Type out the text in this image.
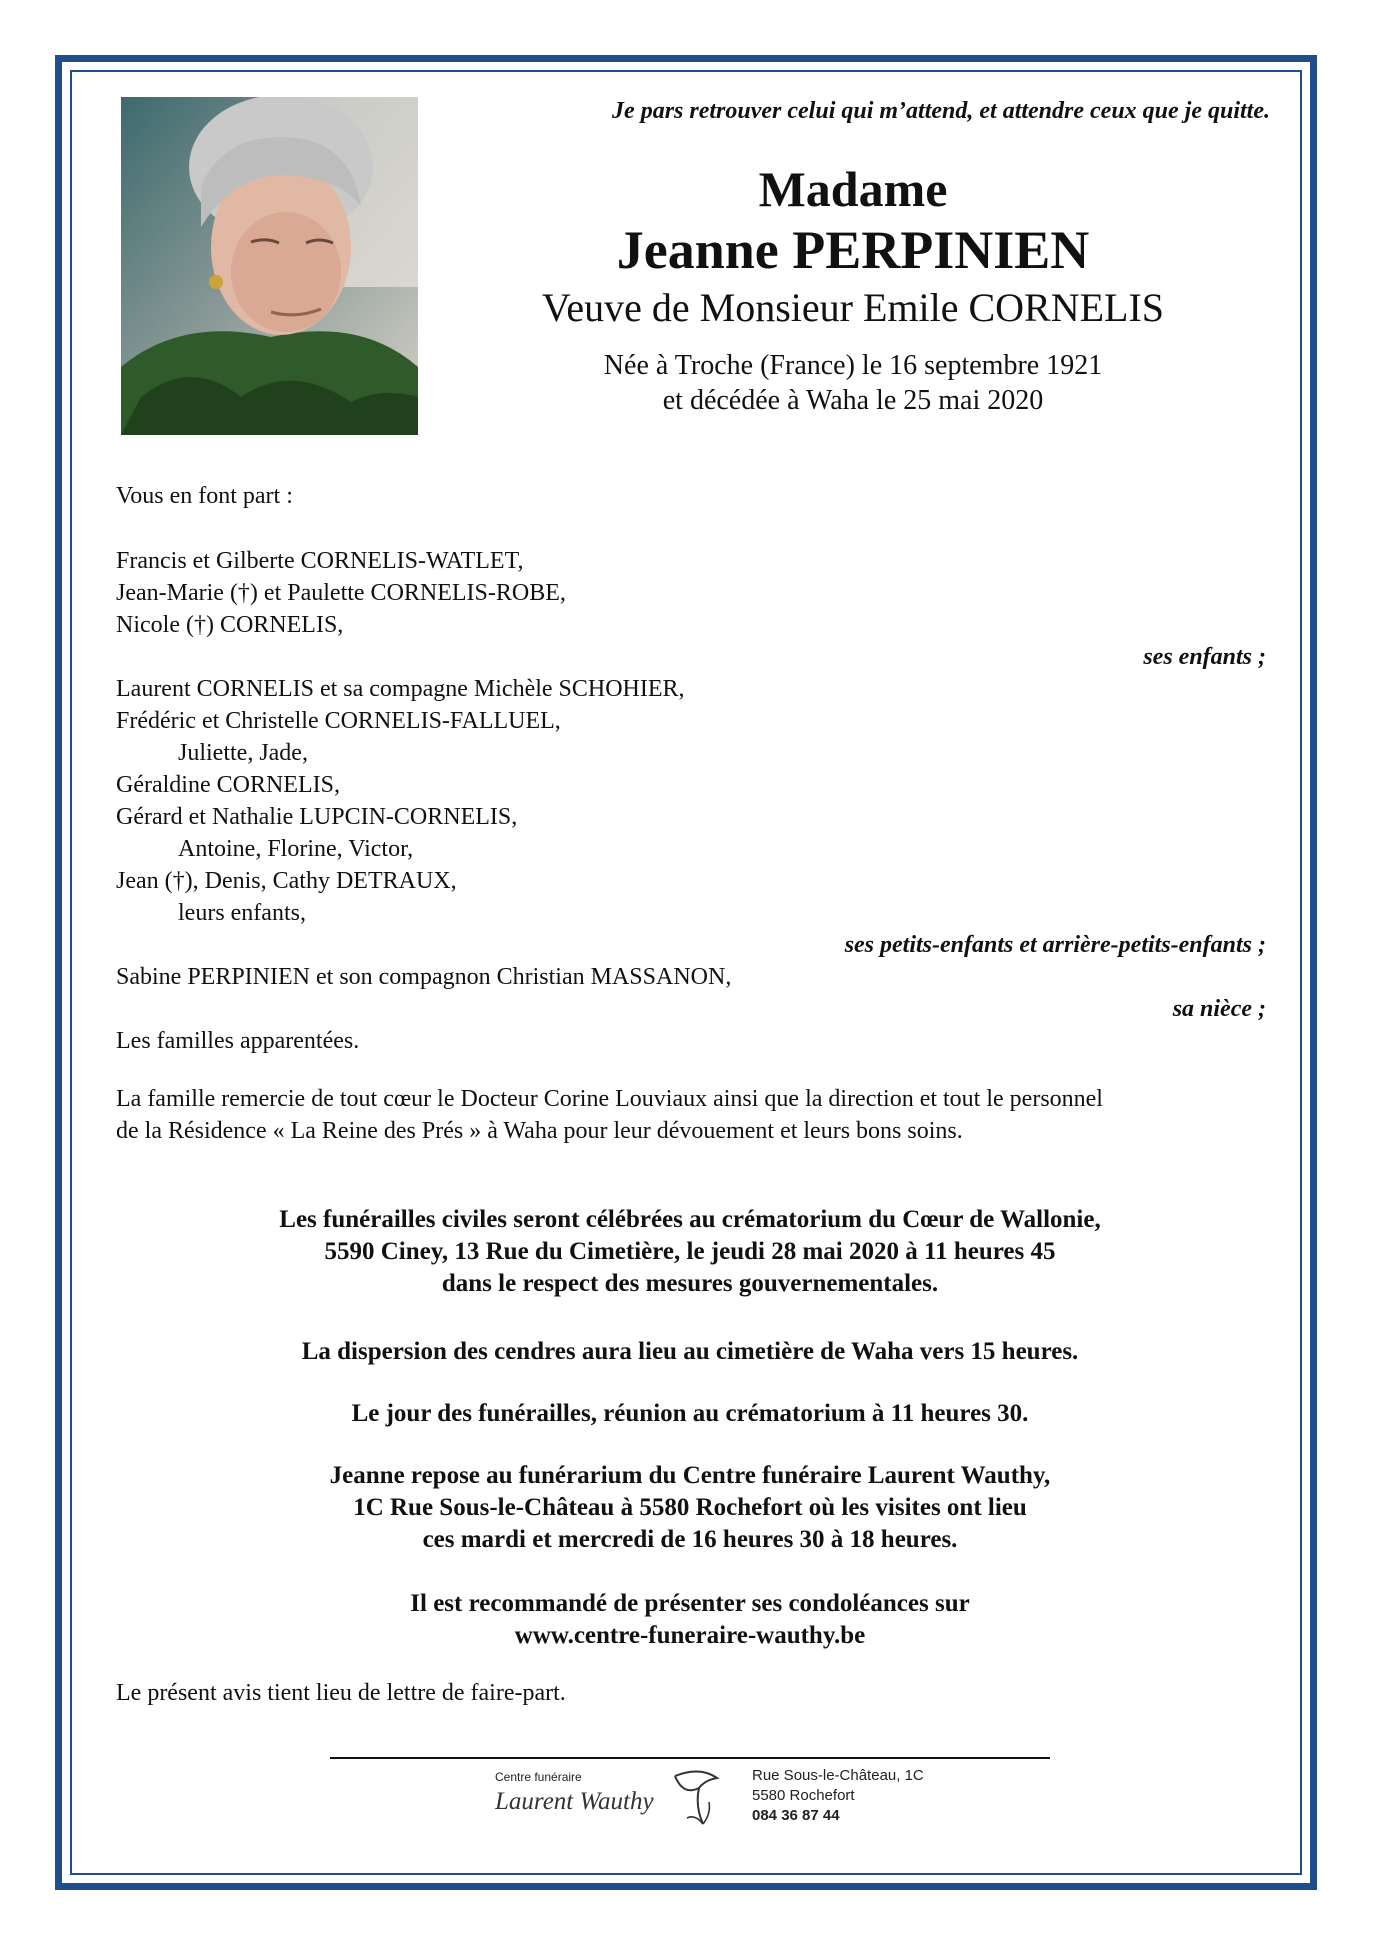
Je pars retrouver celui qui m’attend, et attendre ceux que je quitte.
Madame
Jeanne PERPINIEN
Veuve de Monsieur Emile CORNELIS
Née à Troche (France) le 16 septembre 1921
et décédée à Waha le 25 mai 2020
Vous en font part :
Francis et Gilberte CORNELIS-WATLET,
Jean-Marie (†) et Paulette CORNELIS-ROBE,
Nicole (†) CORNELIS,
ses enfants ;
Laurent CORNELIS et sa compagne Michèle SCHOHIER,
Frédéric et Christelle CORNELIS-FALLUEL,
Juliette, Jade,
Géraldine CORNELIS,
Gérard et Nathalie LUPCIN-CORNELIS,
Antoine, Florine, Victor,
Jean (†), Denis, Cathy DETRAUX,
leurs enfants,
ses petits-enfants et arrière-petits-enfants ;
Sabine PERPINIEN et son compagnon Christian MASSANON,
sa nièce ;
Les familles apparentées.
La famille remercie de tout cœur le Docteur Corine Louviaux ainsi que la direction et tout le personnel
de la Résidence « La Reine des Prés » à Waha pour leur dévouement et leurs bons soins.
Les funérailles civiles seront célébrées au crématorium du Cœur de Wallonie,
5590 Ciney, 13 Rue du Cimetière, le jeudi 28 mai 2020 à 11 heures 45
dans le respect des mesures gouvernementales.
La dispersion des cendres aura lieu au cimetière de Waha vers 15 heures.
Le jour des funérailles, réunion au crématorium à 11 heures 30.
Jeanne repose au funérarium du Centre funéraire Laurent Wauthy,
1C Rue Sous-le-Château à 5580 Rochefort où les visites ont lieu
ces mardi et mercredi de 16 heures 30 à 18 heures.
Il est recommandé de présenter ses condoléances sur
www.centre-funeraire-wauthy.be
Le présent avis tient lieu de lettre de faire-part.
Centre funéraire
Laurent Wauthy
Rue Sous-le-Château, 1C
5580 Rochefort
084 36 87 44
